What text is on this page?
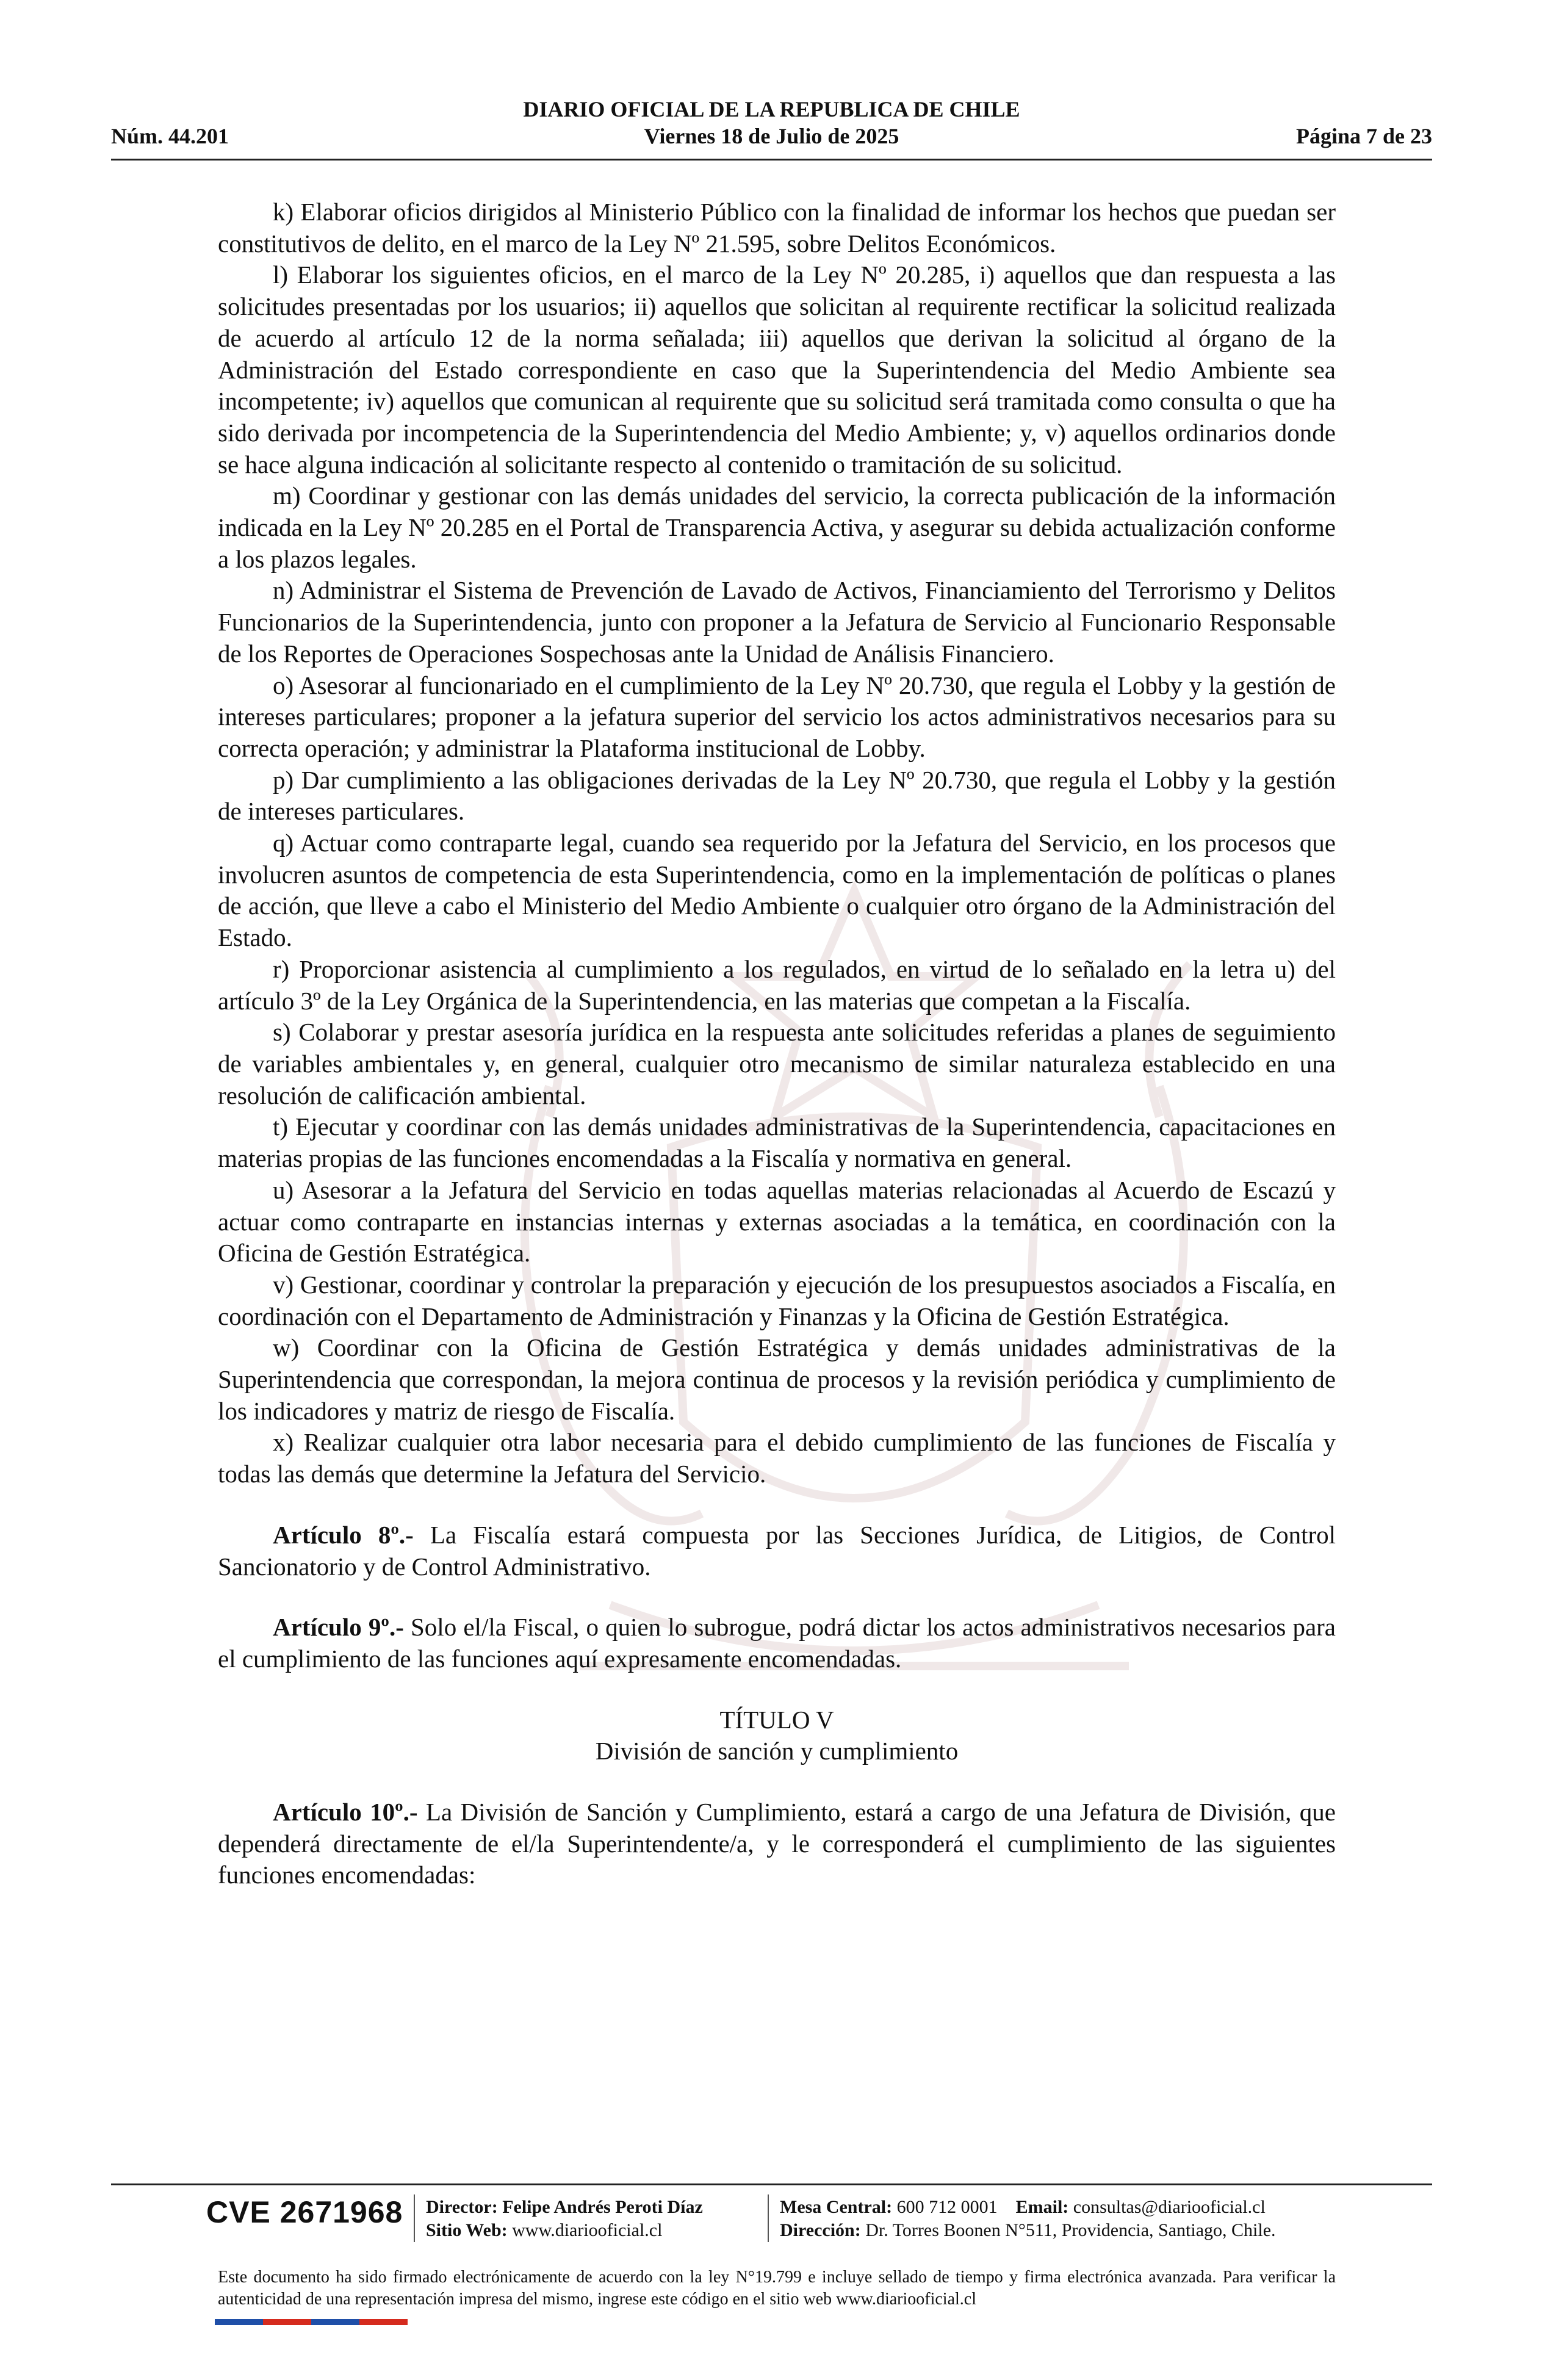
DIARIO OFICIAL DE LA REPUBLICA DE CHILE
Viernes 18 de Julio de 2025
Núm. 44.201	Página 7 de 23

k) Elaborar oficios dirigidos al Ministerio Público con la finalidad de informar los hechos que puedan ser constitutivos de delito, en el marco de la Ley Nº 21.595, sobre Delitos Económicos.

l) Elaborar los siguientes oficios, en el marco de la Ley Nº 20.285, i) aquellos que dan respuesta a las solicitudes presentadas por los usuarios; ii) aquellos que solicitan al requirente rectificar la solicitud realizada de acuerdo al artículo 12 de la norma señalada; iii) aquellos que derivan la solicitud al órgano de la Administración del Estado correspondiente en caso que la Superintendencia del Medio Ambiente sea incompetente; iv) aquellos que comunican al requirente que su solicitud será tramitada como consulta o que ha sido derivada por incompetencia de la Superintendencia del Medio Ambiente; y, v) aquellos ordinarios donde se hace alguna indicación al solicitante respecto al contenido o tramitación de su solicitud.

m) Coordinar y gestionar con las demás unidades del servicio, la correcta publicación de la información indicada en la Ley Nº 20.285 en el Portal de Transparencia Activa, y asegurar su debida actualización conforme a los plazos legales.

n) Administrar el Sistema de Prevención de Lavado de Activos, Financiamiento del Terrorismo y Delitos Funcionarios de la Superintendencia, junto con proponer a la Jefatura de Servicio al Funcionario Responsable de los Reportes de Operaciones Sospechosas ante la Unidad de Análisis Financiero.

o) Asesorar al funcionariado en el cumplimiento de la Ley Nº 20.730, que regula el Lobby y la gestión de intereses particulares; proponer a la jefatura superior del servicio los actos administrativos necesarios para su correcta operación; y administrar la Plataforma institucional de Lobby.

p) Dar cumplimiento a las obligaciones derivadas de la Ley Nº 20.730, que regula el Lobby y la gestión de intereses particulares.

q) Actuar como contraparte legal, cuando sea requerido por la Jefatura del Servicio, en los procesos que involucren asuntos de competencia de esta Superintendencia, como en la implementación de políticas o planes de acción, que lleve a cabo el Ministerio del Medio Ambiente o cualquier otro órgano de la Administración del Estado.

r) Proporcionar asistencia al cumplimiento a los regulados, en virtud de lo señalado en la letra u) del artículo 3º de la Ley Orgánica de la Superintendencia, en las materias que competan a la Fiscalía.

s) Colaborar y prestar asesoría jurídica en la respuesta ante solicitudes referidas a planes de seguimiento de variables ambientales y, en general, cualquier otro mecanismo de similar naturaleza establecido en una resolución de calificación ambiental.

t) Ejecutar y coordinar con las demás unidades administrativas de la Superintendencia, capacitaciones en materias propias de las funciones encomendadas a la Fiscalía y normativa en general.

u) Asesorar a la Jefatura del Servicio en todas aquellas materias relacionadas al Acuerdo de Escazú y actuar como contraparte en instancias internas y externas asociadas a la temática, en coordinación con la Oficina de Gestión Estratégica.

v) Gestionar, coordinar y controlar la preparación y ejecución de los presupuestos asociados a Fiscalía, en coordinación con el Departamento de Administración y Finanzas y la Oficina de Gestión Estratégica.

w) Coordinar con la Oficina de Gestión Estratégica y demás unidades administrativas de la Superintendencia que correspondan, la mejora continua de procesos y la revisión periódica y cumplimiento de los indicadores y matriz de riesgo de Fiscalía.

x) Realizar cualquier otra labor necesaria para el debido cumplimiento de las funciones de Fiscalía y todas las demás que determine la Jefatura del Servicio.

Artículo 8º.- La Fiscalía estará compuesta por las Secciones Jurídica, de Litigios, de Control Sancionatorio y de Control Administrativo.

Artículo 9º.- Solo el/la Fiscal, o quien lo subrogue, podrá dictar los actos administrativos necesarios para el cumplimiento de las funciones aquí expresamente encomendadas.

TÍTULO V
División de sanción y cumplimiento

Artículo 10º.- La División de Sanción y Cumplimiento, estará a cargo de una Jefatura de División, que dependerá directamente de el/la Superintendente/a, y le corresponderá el cumplimiento de las siguientes funciones encomendadas:

CVE 2671968 Director: Felipe Andrés Peroti Díaz
Sitio Web: www.diariooficial.cl
Mesa Central: 600 712 0001 Email: consultas@diariooficial.cl
Dirección: Dr. Torres Boonen N°511, Providencia, Santiago, Chile.
Este documento ha sido firmado electrónicamente de acuerdo con la ley N°19.799 e incluye sellado de tiempo y firma electrónica avanzada. Para verificar la autenticidad de una representación impresa del mismo, ingrese este código en el sitio web www.diariooficial.cl
